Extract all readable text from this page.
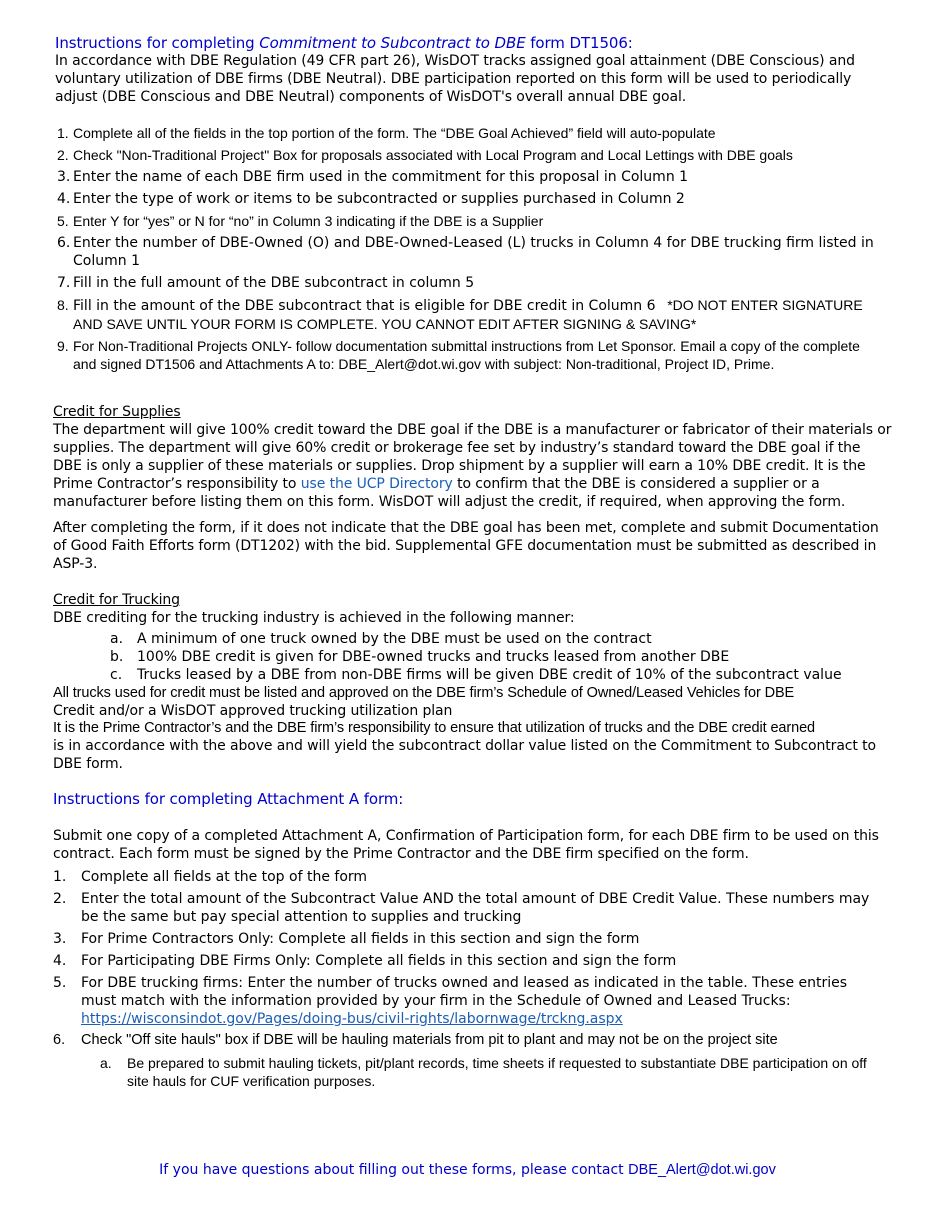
Instructions for completing Commitment to Subcontract to DBE form DT1506:
In accordance with DBE Regulation (49 CFR part 26), WisDOT tracks assigned goal attainment (DBE Conscious) and voluntary utilization of DBE firms (DBE Neutral). DBE participation reported on this form will be used to periodically adjust (DBE Conscious and DBE Neutral) components of WisDOT's overall annual DBE goal.
1. Complete all of the fields in the top portion of the form. The “DBE Goal Achieved” field will auto-populate
2. Check "Non-Traditional Project" Box for proposals associated with Local Program and Local Lettings with DBE goals
3. Enter the name of each DBE firm used in the commitment for this proposal in Column 1
4. Enter the type of work or items to be subcontracted or supplies purchased in Column 2
5. Enter Y for “yes” or N for “no” in Column 3 indicating if the DBE is a Supplier
6. Enter the number of DBE-Owned (O) and DBE-Owned-Leased (L) trucks in Column 4 for DBE trucking firm listed in Column 1
7. Fill in the full amount of the DBE subcontract in column 5
8. Fill in the amount of the DBE subcontract that is eligible for DBE credit in Column 6 *DO NOT ENTER SIGNATURE AND SAVE UNTIL YOUR FORM IS COMPLETE. YOU CANNOT EDIT AFTER SIGNING & SAVING*
9. For Non-Traditional Projects ONLY- follow documentation submittal instructions from Let Sponsor. Email a copy of the complete and signed DT1506 and Attachments A to: DBE_Alert@dot.wi.gov with subject: Non-traditional, Project ID, Prime.
Credit for Supplies
The department will give 100% credit toward the DBE goal if the DBE is a manufacturer or fabricator of their materials or supplies. The department will give 60% credit or brokerage fee set by industry’s standard toward the DBE goal if the DBE is only a supplier of these materials or supplies. Drop shipment by a supplier will earn a 10% DBE credit. It is the Prime Contractor’s responsibility to use the UCP Directory to confirm that the DBE is considered a supplier or a manufacturer before listing them on this form. WisDOT will adjust the credit, if required, when approving the form.
After completing the form, if it does not indicate that the DBE goal has been met, complete and submit Documentation of Good Faith Efforts form (DT1202) with the bid. Supplemental GFE documentation must be submitted as described in ASP-3.
Credit for Trucking
DBE crediting for the trucking industry is achieved in the following manner:
a. A minimum of one truck owned by the DBE must be used on the contract
b. 100% DBE credit is given for DBE-owned trucks and trucks leased from another DBE
c. Trucks leased by a DBE from non-DBE firms will be given DBE credit of 10% of the subcontract value
All trucks used for credit must be listed and approved on the DBE firm’s Schedule of Owned/Leased Vehicles for DBE
Credit and/or a WisDOT approved trucking utilization plan
It is the Prime Contractor’s and the DBE firm’s responsibility to ensure that utilization of trucks and the DBE credit earned
is in accordance with the above and will yield the subcontract dollar value listed on the Commitment to Subcontract to DBE form.
Instructions for completing Attachment A form:
Submit one copy of a completed Attachment A, Confirmation of Participation form, for each DBE firm to be used on this contract. Each form must be signed by the Prime Contractor and the DBE firm specified on the form.
1. Complete all fields at the top of the form
2. Enter the total amount of the Subcontract Value AND the total amount of DBE Credit Value. These numbers may be the same but pay special attention to supplies and trucking
3. For Prime Contractors Only: Complete all fields in this section and sign the form
4. For Participating DBE Firms Only: Complete all fields in this section and sign the form
5. For DBE trucking firms: Enter the number of trucks owned and leased as indicated in the table. These entries must match with the information provided by your firm in the Schedule of Owned and Leased Trucks:
https://wisconsindot.gov/Pages/doing-bus/civil-rights/labornwage/trckng.aspx
6. Check "Off site hauls" box if DBE will be hauling materials from pit to plant and may not be on the project site
a. Be prepared to submit hauling tickets, pit/plant records, time sheets if requested to substantiate DBE participation on off site hauls for CUF verification purposes.
If you have questions about filling out these forms, please contact DBE_Alert@dot.wi.gov
